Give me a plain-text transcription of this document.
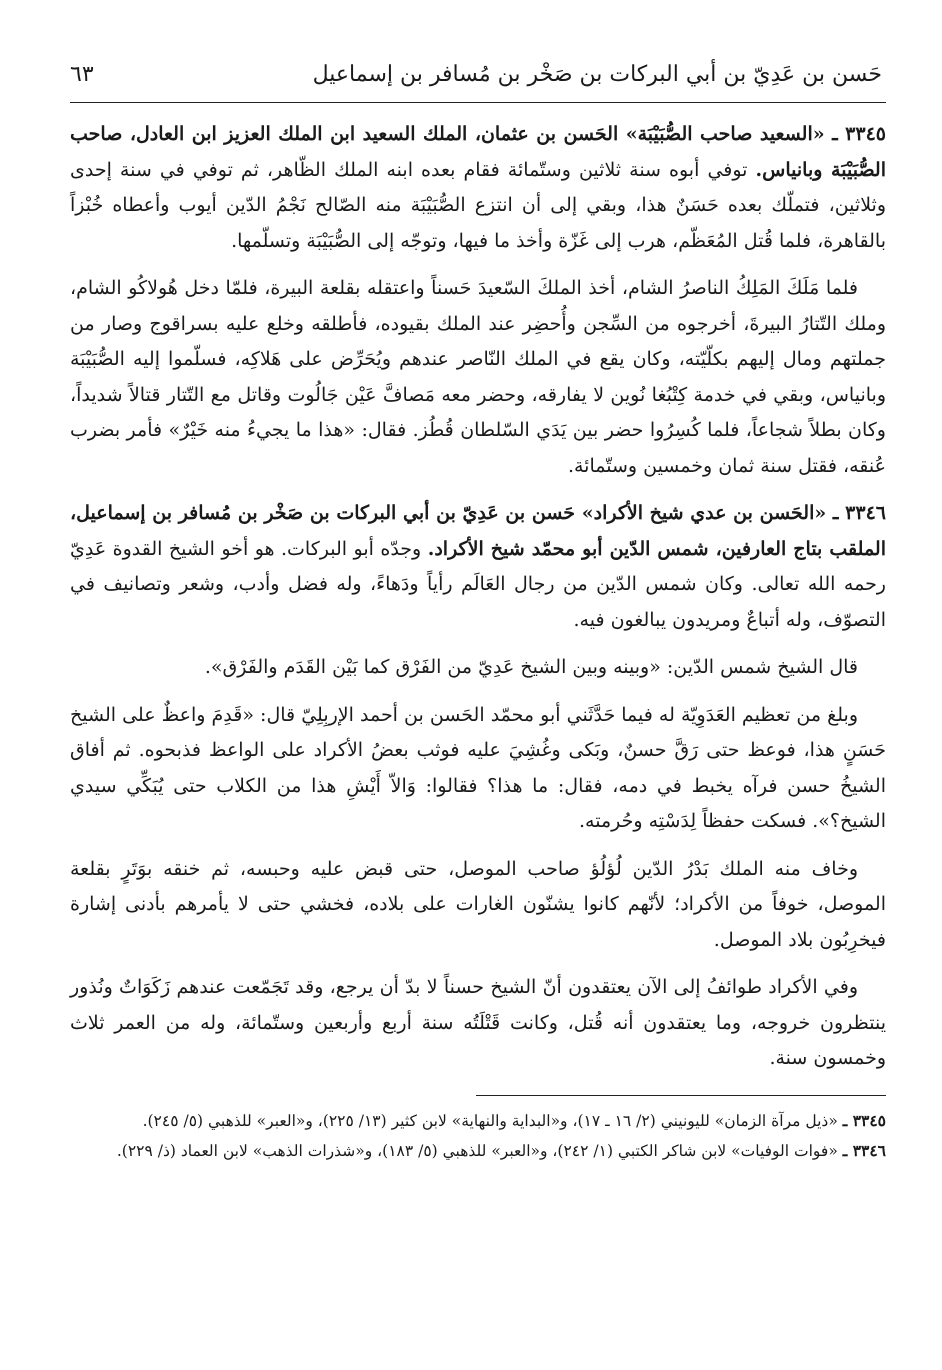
حَسن بن عَدِيّ بن أبي البركات بن صَخْر بن مُسافر بن إسماعيل
٦٣

٣٣٤٥ ـ «السعيد صاحب الصُّبَيْبَة» الحَسن بن عثمان، الملك السعيد ابن الملك العزيز ابن العادل، صاحب الصُّبَيْبَة وبانياس. توفي أبوه سنة ثلاثين وستّمائة فقام بعده ابنه الملك الظّاهر، ثم توفي في سنة إحدى وثلاثين، فتملّك بعده حَسَنٌ هذا، وبقي إلى أن انتزع الصُّبَيْبَة منه الصّالح نَجْمُ الدّين أيوب وأعطاه خُبْزاً بالقاهرة، فلما قُتل المُعَظّم، هرب إلى غَزّة وأخذ ما فيها، وتوجّه إلى الصُّبَيْبَة وتسلّمها.

فلما مَلَكَ المَلِكُ الناصرُ الشام، أخذ الملكَ السّعيدَ حَسناً واعتقله بقلعة البيرة، فلمّا دخل هُولاكُو الشام، وملك التّتارُ البيرةَ، أخرجوه من السِّجن وأُحضِر عند الملك بقيوده، فأطلقه وخلع عليه بسراقوج وصار من جملتهم ومال إليهم بكلّيّته، وكان يقع في الملك النّاصر عندهم ويُحَرِّض على هَلاكِه، فسلّموا إليه الصُّبَيْبَة وبانياس، وبقي في خدمة كِتْبُغا نُوين لا يفارقه، وحضر معه مَصافَّ عَيْن جَالُوت وقاتل مع التّتار قتالاً شديداً، وكان بطلاً شجاعاً، فلما كُسِرُوا حضر بين يَدَي السّلطان قُطُز. فقال: «هذا ما يجيءُ منه خَيْرٌ» فأمر بضرب عُنقه، فقتل سنة ثمان وخمسين وستّمائة.

٣٣٤٦ ـ «الحَسن بن عدي شيخ الأكراد» حَسن بن عَدِيّ بن أبي البركات بن صَخْر بن مُسافر بن إسماعيل، الملقب بتاج العارفين، شمس الدّين أبو محمّد شيخ الأكراد. وجدّه أبو البركات. هو أخو الشيخ القدوة عَدِيّ رحمه الله تعالى. وكان شمس الدّين من رجال العَالَم رأياً ودَهاءً، وله فضل وأدب، وشعر وتصانيف في التصوّف، وله أتباعٌ ومريدون يبالغون فيه.

قال الشيخ شمس الدّين: «وبينه وبين الشيخ عَدِيّ من الفَرْق كما بَيْن القَدَم والفَرْق».

وبلغ من تعظيم العَدَوِيّة له فيما حَدَّثَني أبو محمّد الحَسن بن أحمد الإربِلِيّ قال: «قَدِمَ واعظٌ على الشيخ حَسَنٍ هذا، فوعظ حتى رَقَّ حسنٌ، وبَكى وغُشِيَ عليه فوثب بعضُ الأكراد على الواعظ فذبحوه. ثم أفاق الشيخُ حسن فرآه يخبط في دمه، فقال: ما هذا؟ فقالوا: وَالاّ أَيْشِ هذا من الكلاب حتى يُبَكِّي سيدي الشيخ؟». فسكت حفظاً لِدَسْتِه وحُرمته.

وخاف منه الملك بَدْرُ الدّين لُؤلُؤ صاحب الموصل، حتى قبض عليه وحبسه، ثم خنقه بوَتَرٍ بقلعة الموصل، خوفاً من الأكراد؛ لأنّهم كانوا يشنّون الغارات على بلاده، فخشي حتى لا يأمرهم بأدنى إشارة فيخرِبُون بلاد الموصل.

وفي الأكراد طوائفُ إلى الآن يعتقدون أنّ الشيخ حسناً لا بدّ أن يرجع، وقد تَجَمّعت عندهم زَكَوَاتٌ ونُذور ينتظرون خروجه، وما يعتقدون أنه قُتل، وكانت قَتْلَتُه سنة أربع وأربعين وستّمائة، وله من العمر ثلاث وخمسون سنة.

٣٣٤٥ ـ «ذيل مرآة الزمان» لليونيني (٢/ ١٦ ـ ١٧)، و«البداية والنهاية» لابن كثير (١٣/ ٢٢٥)، و«العبر» للذهبي (٥/ ٢٤٥).

٣٣٤٦ ـ «فوات الوفيات» لابن شاكر الكتبي (١/ ٢٤٢)، و«العبر» للذهبي (٥/ ١٨٣)، و«شذرات الذهب» لابن العماد (ذ/ ٢٢٩).
